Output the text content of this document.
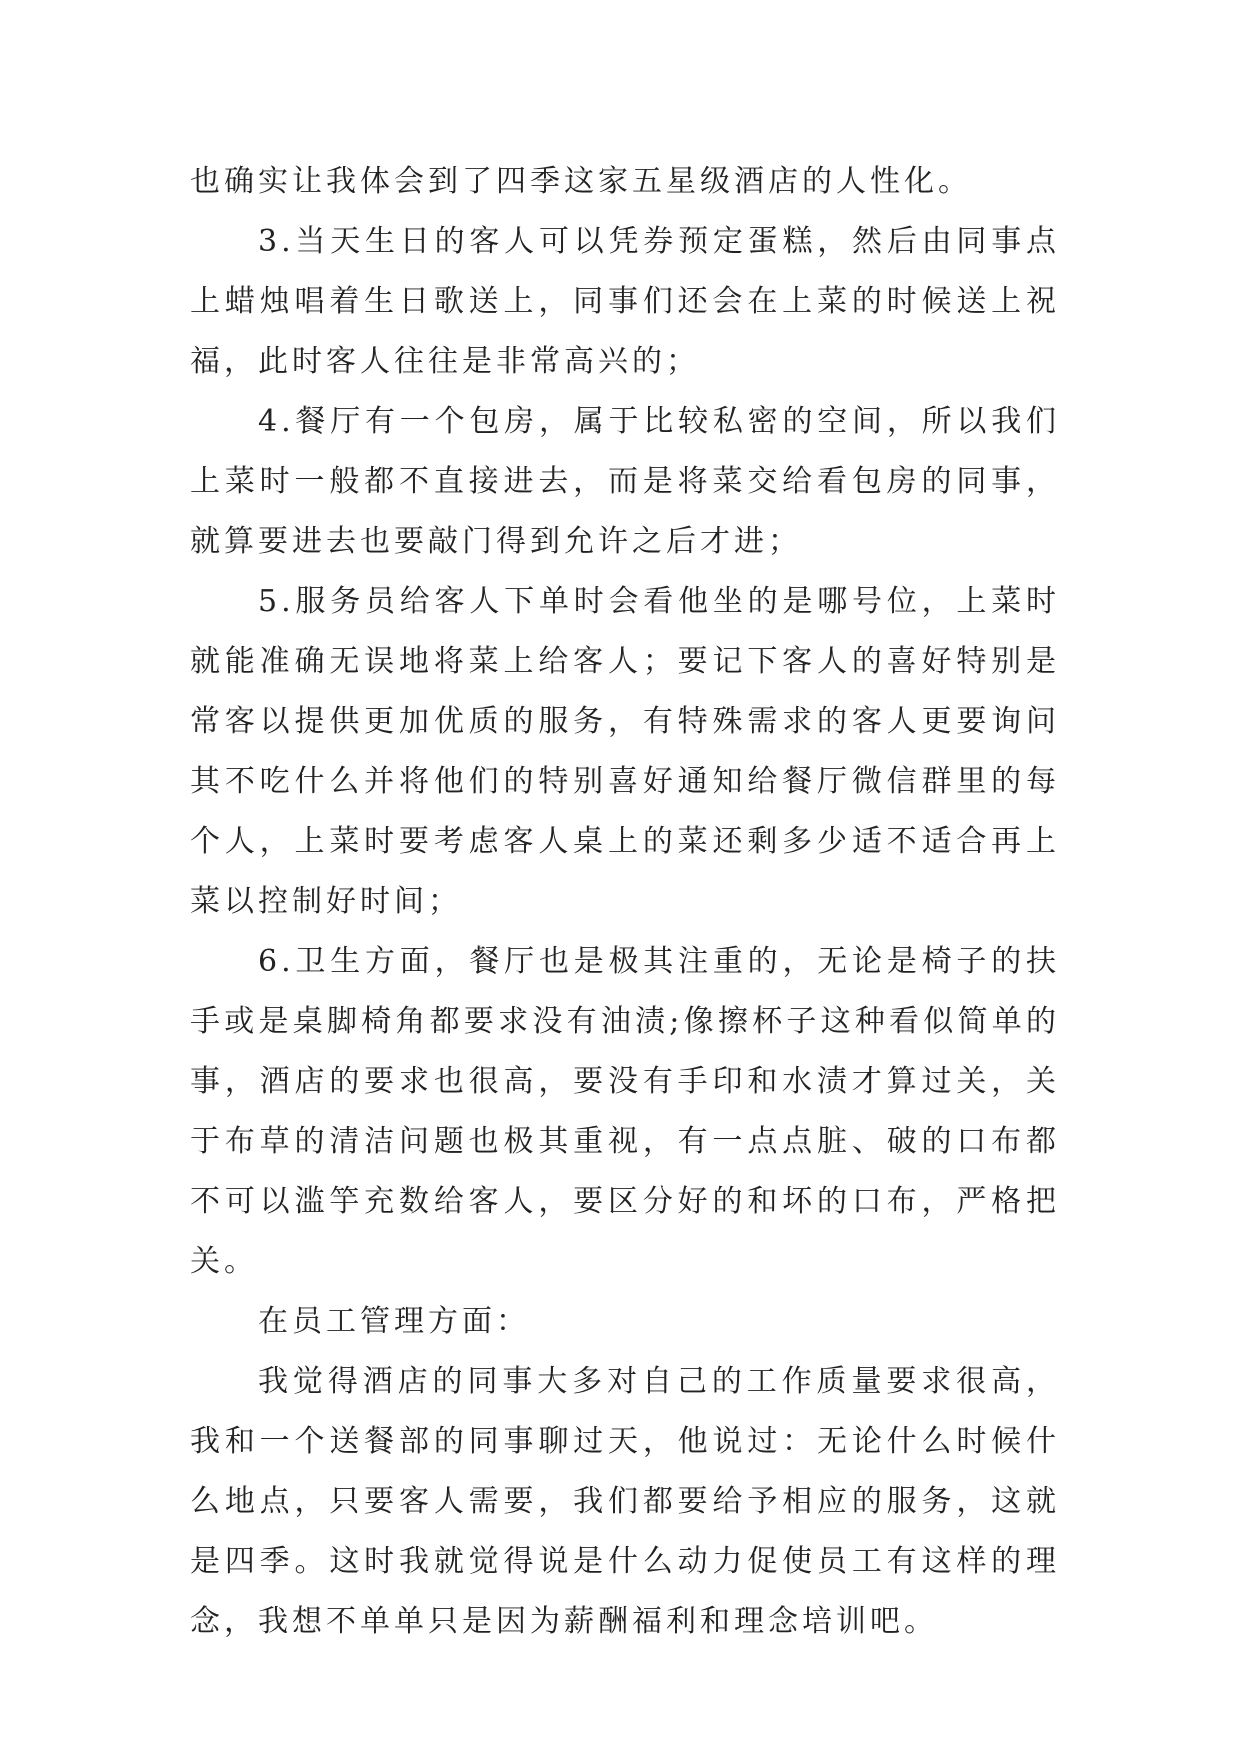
也确实让我体会到了四季这家五星级酒店的人性化。

3.当天生日的客人可以凭券预定蛋糕，然后由同事点上蜡烛唱着生日歌送上，同事们还会在上菜的时候送上祝福，此时客人往往是非常高兴的；

4.餐厅有一个包房，属于比较私密的空间，所以我们上菜时一般都不直接进去，而是将菜交给看包房的同事，就算要进去也要敲门得到允许之后才进；

5.服务员给客人下单时会看他坐的是哪号位，上菜时就能准确无误地将菜上给客人；要记下客人的喜好特别是常客以提供更加优质的服务，有特殊需求的客人更要询问其不吃什么并将他们的特别喜好通知给餐厅微信群里的每个人，上菜时要考虑客人桌上的菜还剩多少适不适合再上菜以控制好时间；

6.卫生方面，餐厅也是极其注重的，无论是椅子的扶手或是桌脚椅角都要求没有油渍;像擦杯子这种看似简单的事，酒店的要求也很高，要没有手印和水渍才算过关，关于布草的清洁问题也极其重视，有一点点脏、破的口布都不可以滥竽充数给客人，要区分好的和坏的口布，严格把关。

在员工管理方面：

我觉得酒店的同事大多对自己的工作质量要求很高，我和一个送餐部的同事聊过天，他说过：无论什么时候什么地点，只要客人需要，我们都要给予相应的服务，这就是四季。这时我就觉得说是什么动力促使员工有这样的理念，我想不单单只是因为薪酬福利和理念培训吧。
